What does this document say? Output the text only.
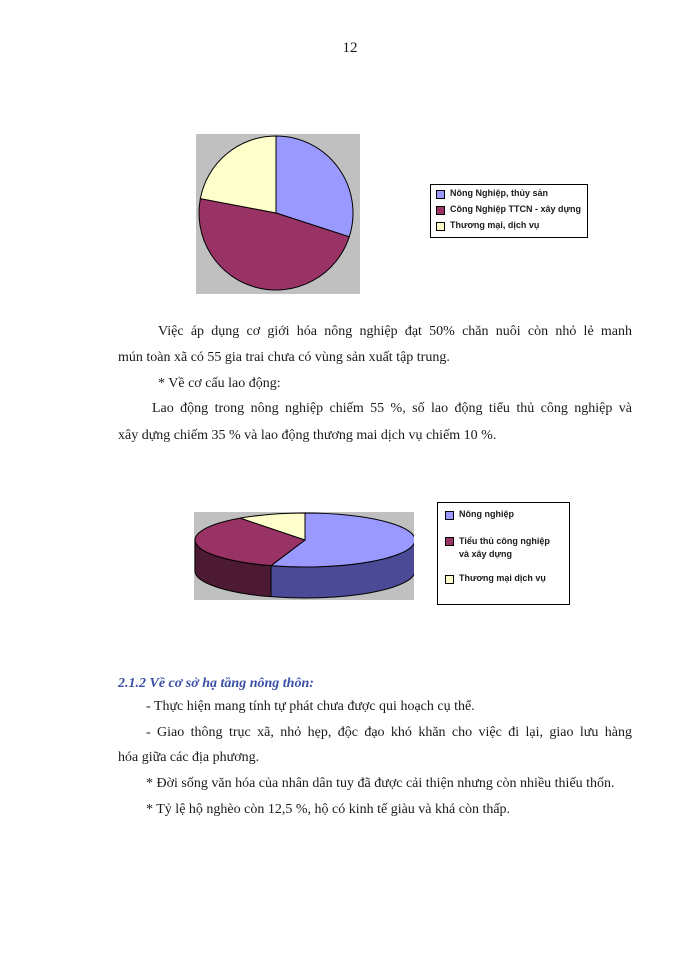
12
Nông Nghiệp, thủy sản
Công Nghiệp TTCN - xây dựng
Thương mại, dịch vụ
Việc áp dụng cơ giới hóa nông nghiệp đạt 50% chăn nuôi còn nhỏ lẻ manh
mún toàn xã có 55 gia trai chưa có vùng sản xuất tập trung.
* Về cơ cấu lao động:
Lao động trong nông nghiệp chiếm 55 %, số lao động tiểu thủ công nghiệp và
xây dựng chiếm 35 % và lao động thương mai dịch vụ chiếm 10 %.
Nông nghiệp
Tiểu thủ công nghiệp và xây dựng
Thương mại dịch vụ
2.1.2 Về cơ sở hạ tầng nông thôn:
- Thực hiện mang tính tự phát chưa được qui hoạch cụ thể.
- Giao thông trục xã, nhỏ hẹp, độc đạo khó khăn cho việc đi lại, giao lưu hàng
hóa giữa các địa phương.
* Đời sống văn hóa của nhân dân tuy đã được cải thiện nhưng còn nhiều thiếu thốn.
* Tỷ lệ hộ nghèo còn 12,5 %, hộ có kinh tế giàu và khá còn thấp.
